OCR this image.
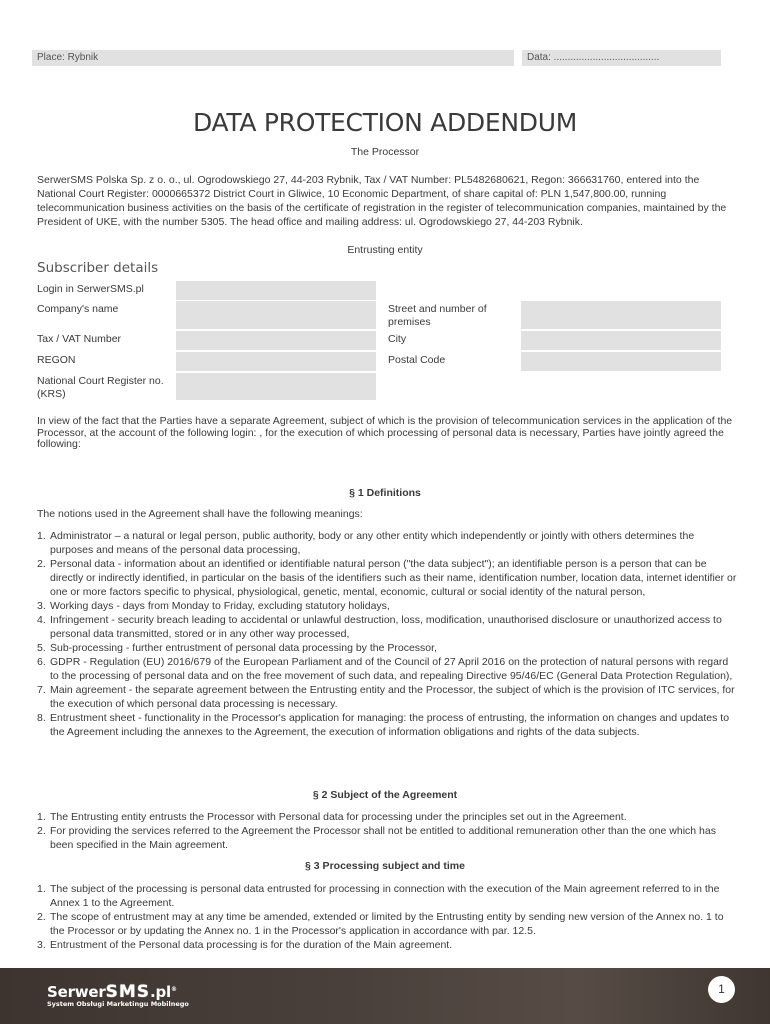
Place: Rybnik	Data: ......................................
DATA PROTECTION ADDENDUM
The Processor

SerwerSMS Polska Sp. z o. o., ul. Ogrodowskiego 27, 44-203 Rybnik, Tax / VAT Number: PL5482680621, Regon: 366631760, entered into the National Court Register: 0000665372 District Court in Gliwice, 10 Economic Department, of share capital of: PLN 1,547,800.00, running telecommunication business activities on the basis of the certificate of registration in the register of telecommunication companies, maintained by the President of UKE, with the number 5305. The head office and mailing address: ul. Ogrodowskiego 27, 44-203 Rybnik.

Entrusting entity
Subscriber details
Login in SerwerSMS.pl
Company's name
Tax / VAT Number
REGON
National Court Register no. (KRS)
Street and number of premises
City
Postal Code

In view of the fact that the Parties have a separate Agreement, subject of which is the provision of telecommunication services in the application of the Processor, at the account of the following login: , for the execution of which processing of personal data is necessary, Parties have jointly agreed the following:

§ 1 Definitions

The notions used in the Agreement shall have the following meanings:

1. Administrator – a natural or legal person, public authority, body or any other entity which independently or jointly with others determines the purposes and means of the personal data processing,
2. Personal data - information about an identified or identifiable natural person ("the data subject"); an identifiable person is a person that can be directly or indirectly identified, in particular on the basis of the identifiers such as their name, identification number, location data, internet identifier or one or more factors specific to physical, physiological, genetic, mental, economic, cultural or social identity of the natural person,
3. Working days - days from Monday to Friday, excluding statutory holidays,
4. Infringement - security breach leading to accidental or unlawful destruction, loss, modification, unauthorised disclosure or unauthorized access to personal data transmitted, stored or in any other way processed,
5. Sub-processing - further entrustment of personal data processing by the Processor,
6. GDPR - Regulation (EU) 2016/679 of the European Parliament and of the Council of 27 April 2016 on the protection of natural persons with regard to the processing of personal data and on the free movement of such data, and repealing Directive 95/46/EC (General Data Protection Regulation),
7. Main agreement - the separate agreement between the Entrusting entity and the Processor, the subject of which is the provision of ITC services, for the execution of which personal data processing is necessary.
8. Entrustment sheet - functionality in the Processor's application for managing: the process of entrusting, the information on changes and updates to the Agreement including the annexes to the Agreement, the execution of information obligations and rights of the data subjects.
§ 2 Subject of the Agreement
1. The Entrusting entity entrusts the Processor with Personal data for processing under the principles set out in the Agreement.
2. For providing the services referred to the Agreement the Processor shall not be entitled to additional remuneration other than the one which has been specified in the Main agreement.
§ 3 Processing subject and time
1. The subject of the processing is personal data entrusted for processing in connection with the execution of the Main agreement referred to in the Annex 1 to the Agreement.
2. The scope of entrustment may at any time be amended, extended or limited by the Entrusting entity by sending new version of the Annex no. 1 to the Processor or by updating the Annex no. 1 in the Processor's application in accordance with par. 12.5.
3. Entrustment of the Personal data processing is for the duration of the Main agreement.
SerwerSMS.pl®
System Obsługi Marketingu Mobilnego
1
